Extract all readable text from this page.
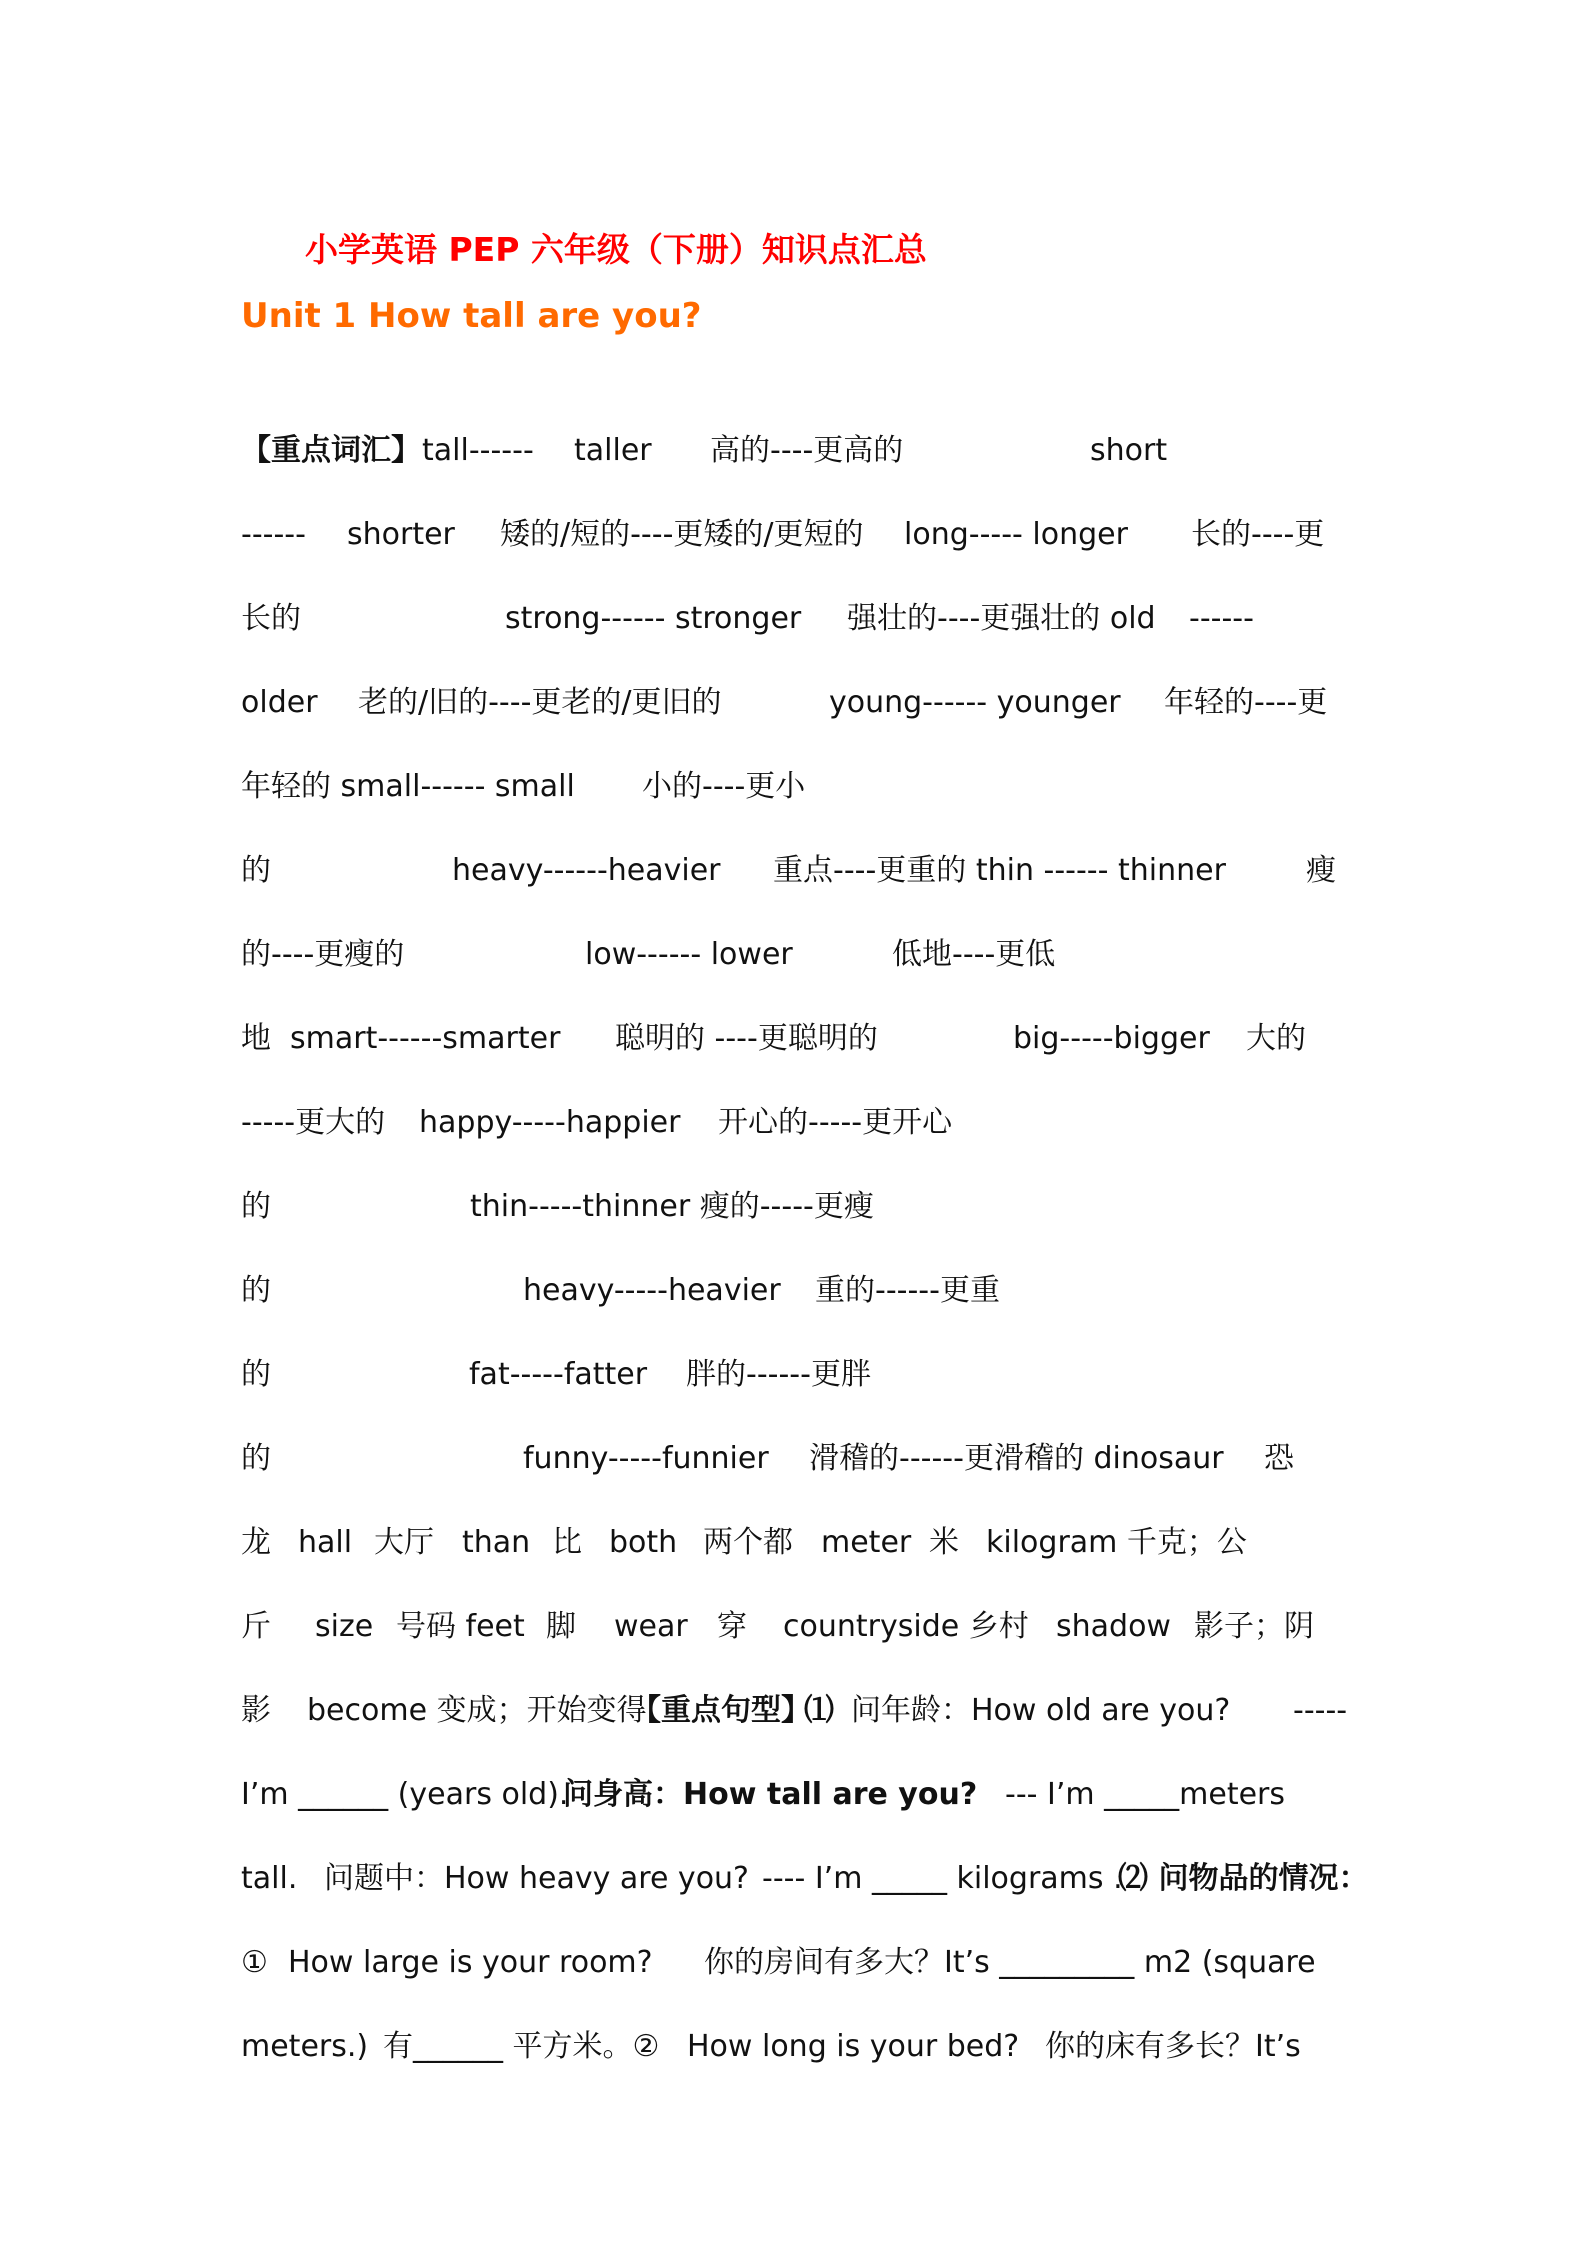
小学英语 PEP 六年级（下册）知识点汇总
Unit 1 How tall are you?
【重点词汇】 tall------ taller 高的----更高的	short
------ shorter 矮的/短的----更矮的/更短的 long----- longer 长的----更
长的	strong------ stronger 强壮的----更强壮的 old ------
older 老的/旧的----更老的/更旧的	young------ younger 年轻的----更
年轻的 small------ small 小的----更小
的	heavy------heavier 重点----更重的 thin ------ thinner	瘦
的----更瘦的	low------ lower	低地----更低
地 smart------smarter 聪明的 ----更聪明的	big-----bigger 大的
-----更大的 happy-----happier 开心的-----更开心
的	thin-----thinner 瘦的-----更瘦
的	heavy-----heavier 重的------更重
的	fat-----fatter 胖的------更胖
的	funny-----funnier 滑稽的------更滑稽的 dinosaur 恐
龙 hall 大厅 than 比 both 两个都 meter 米 kilogram 千克；公
斤 size 号码 feet 脚 wear 穿 countryside 乡村 shadow 影子；阴
影 become 变成；开始变得
【重点句型】
⑴ 问年龄：How old are you? -----
I’m ______ (years old).
问身高：How tall are you? --- I’m _____meters
tall. 问题中：How heavy are you? ---- I’m _____ kilograms .
⑵ 问物品的情况：
① How large is your room? 你的房间有多大？It’s _________ m2 (square
meters.) 有______ 平方米。② How long is your bed? 你的床有多长？It’s
